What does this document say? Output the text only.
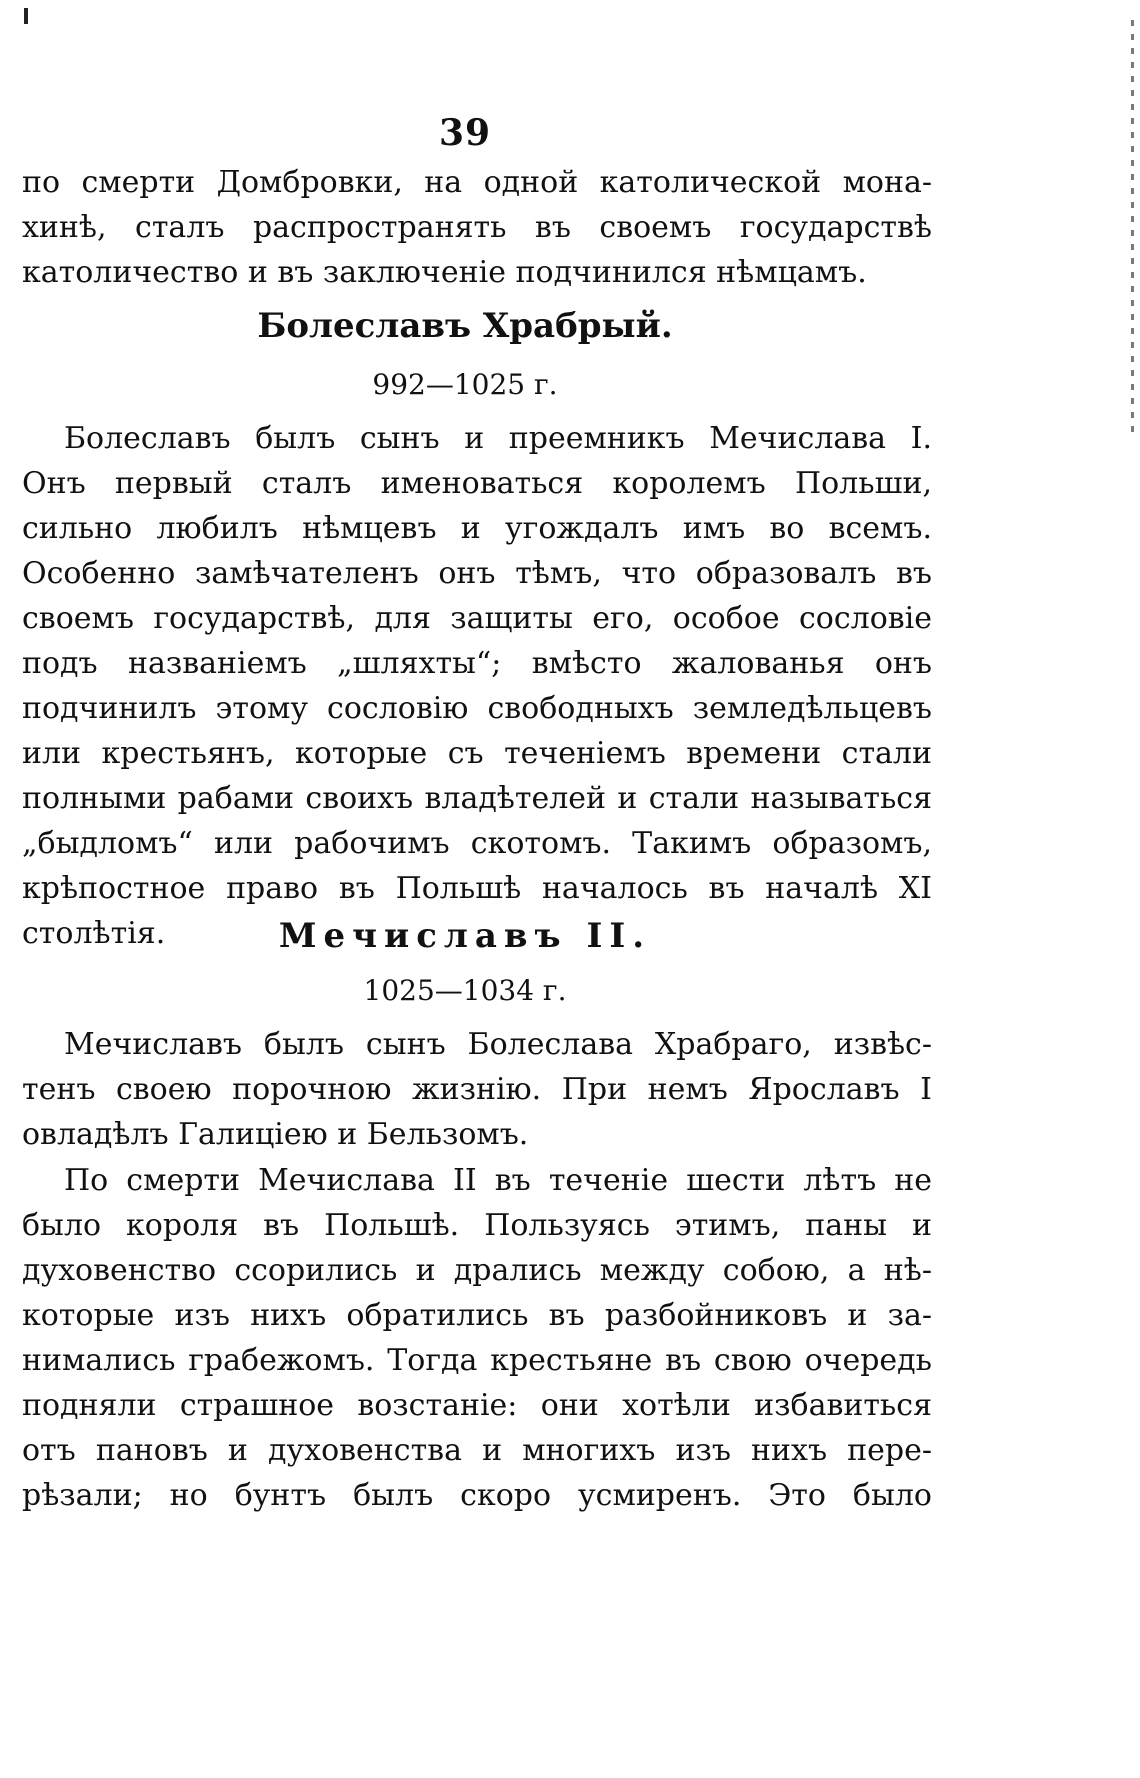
39
по смерти Домбровки, на одной католической мона-
хинѣ, сталъ распространять въ своемъ государствѣ
католичество и въ заключеніе подчинился нѣмцамъ.
Болеславъ Храбрый.
992—1025 г.
Болеславъ былъ сынъ и преемникъ Мечислава I.
Онъ первый сталъ именоваться королемъ Польши,
сильно любилъ нѣмцевъ и угождалъ имъ во всемъ.
Особенно замѣчателенъ онъ тѣмъ, что образовалъ въ
своемъ государствѣ, для защиты его, особое сословіе
подъ названіемъ „шляхты“; вмѣсто жалованья онъ
подчинилъ этому сословію свободныхъ земледѣльцевъ
или крестьянъ, которые съ теченіемъ времени стали
полными рабами своихъ владѣтелей и стали называться
„быдломъ“ или рабочимъ скотомъ. Такимъ образомъ,
крѣпостное право въ Польшѣ началось въ началѣ XI
столѣтія.	Мечиславъ II.
1025—1034 г.
Мечиславъ былъ сынъ Болеслава Храбраго, извѣс-
тенъ своею порочною жизнію. При немъ Ярославъ I
овладѣлъ Галиціею и Бельзомъ.
По смерти Мечислава II въ теченіе шести лѣтъ не
было короля въ Польшѣ. Пользуясь этимъ, паны и
духовенство ссорились и дрались между собою, а нѣ-
которые изъ нихъ обратились въ разбойниковъ и за-
нимались грабежомъ. Тогда крестьяне въ свою очередь
подняли страшное возстаніе: они хотѣли избавиться
отъ пановъ и духовенства и многихъ изъ нихъ пере-
рѣзали; но бунтъ былъ скоро усмиренъ. Это было
